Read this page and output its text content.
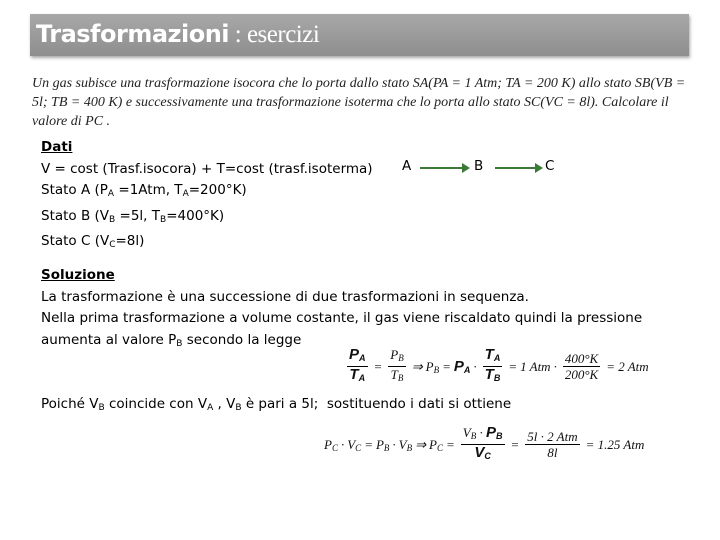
Trasformazioni : esercizi
Un gas subisce una trasformazione isocora che lo porta dallo stato SA(PA = 1 Atm; TA = 200 K) allo stato SB(VB = 5l; TB = 400 K) e successivamente una trasformazione isoterma che lo porta allo stato SC(VC = 8l). Calcolare il valore di PC .
Dati
V = cost (Trasf.isocora) + T=cost (trasf.isoterma)
Stato A ($P_A =1Atm$, $T_A=200^\circ K$)
Stato B ($V_B =5l$, $T_B=400^\circ K$)
Stato C $(V_C=8l)$
A	B	C
Soluzione
La trasformazione è una successione di due trasformazioni in sequenza.
Nella prima trasformazione a volume costante, il gas viene riscaldato quindi la pressione
aumenta al valore $P_B$ secondo la legge
$\frac{P_A}{T_A} = \frac{P_B}{T_B}$ ⇒ $P_B = P_A \cdot \frac{T_A}{T_B} = 1$ Atm · $\frac{400^\circ K}{200^\circ K} = 2$ Atm
Poiché $V_B$ coincide con $V_A$ , $V_B$ è pari a 5l;  sostituendo i dati si ottiene
$P_C \cdot V_C = P_B \cdot V_B$ ⇒ $P_C = \frac{V_B \cdot P_B}{V_C} = \frac{\text{5l · 2 Atm}}{8l} = 1.25$ Atm
